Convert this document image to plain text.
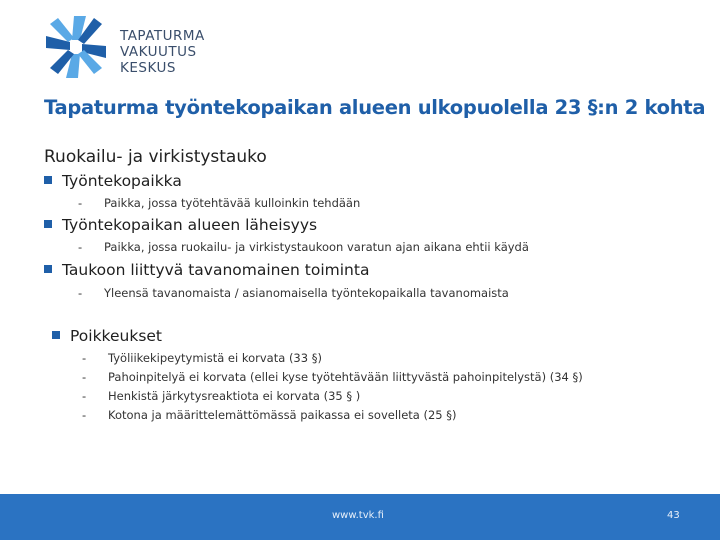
TAPATURMA
VAKUUTUS
KESKUS
Tapaturma työntekopaikan alueen ulkopuolella 23 §:n 2 kohta
Ruokailu- ja virkistystauko
Työntekopaikka
- Paikka, jossa työtehtävää kulloinkin tehdään
Työntekopaikan alueen läheisyys
- Paikka, jossa ruokailu- ja virkistystaukoon varatun ajan aikana ehtii käydä
Taukoon liittyvä tavanomainen toiminta
- Yleensä tavanomaista / asianomaisella työntekopaikalla tavanomaista
Poikkeukset
- Työliikekipeytymistä ei korvata (33 §)
- Pahoinpitelyä ei korvata (ellei kyse työtehtävään liittyvästä pahoinpitelystä) (34 §)
- Henkistä järkytysreaktiota ei korvata (35 § )
- Kotona ja määrittelemättömässä paikassa ei sovelleta (25 §)
www.tvk.fi	43
